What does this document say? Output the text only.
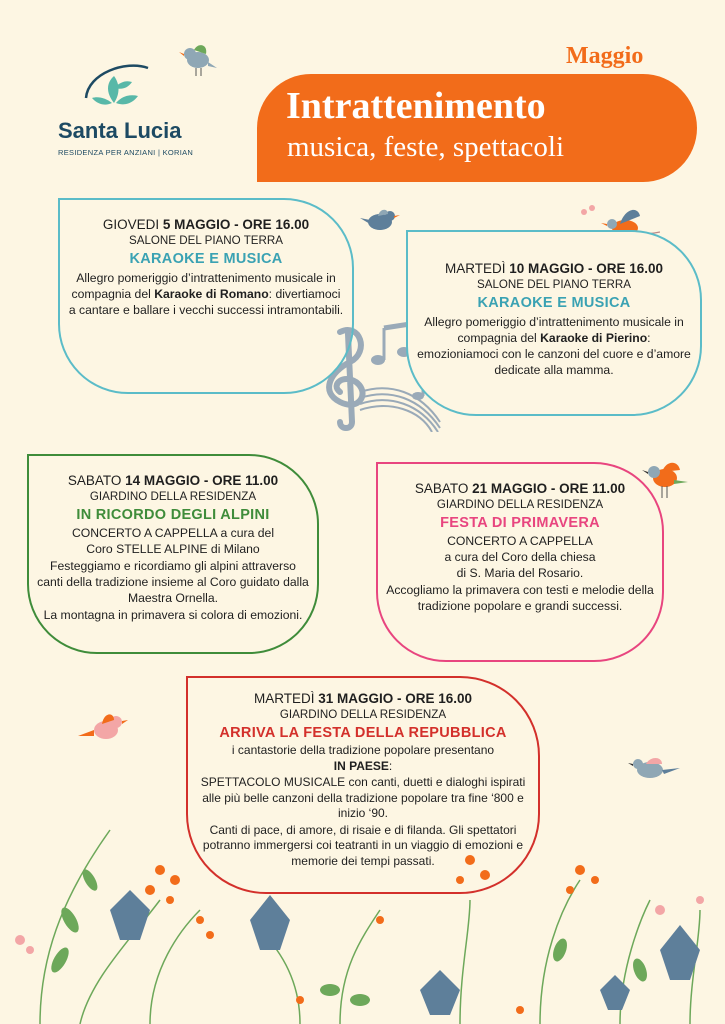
Santa Lucia
RESIDENZA PER ANZIANI | KORIAN
Maggio
Intrattenimento
musica, feste, spettacoli
GIOVEDI 5 MAGGIO - ORE 16.00
SALONE DEL PIANO TERRA
KARAOKE E MUSICA
Allegro pomeriggio d’intrattenimento musicale in compagnia del Karaoke di Romano: divertiamoci a cantare e ballare i vecchi successi intramontabili.
MARTEDÌ 10 MAGGIO - ORE 16.00
SALONE DEL PIANO TERRA
KARAOKE E MUSICA
Allegro pomeriggio d’intrattenimento musicale in compagnia del Karaoke di Pierino: emozioniamoci con le canzoni del cuore e d’amore dedicate alla mamma.
SABATO 14 MAGGIO - ORE 11.00
GIARDINO DELLA RESIDENZA
IN RICORDO DEGLI ALPINI
CONCERTO A CAPPELLA a cura del
Coro STELLE ALPINE di Milano
Festeggiamo e ricordiamo gli alpini attraverso canti della tradizione insieme al Coro guidato dalla Maestra Ornella.
La montagna in primavera si colora di emozioni.
SABATO 21 MAGGIO - ORE 11.00
GIARDINO DELLA RESIDENZA
FESTA DI PRIMAVERA
CONCERTO A CAPPELLA
a cura del Coro della chiesa
di S. Maria del Rosario.
Accogliamo la primavera con testi e melodie della tradizione popolare e grandi successi.
MARTEDÌ 31 MAGGIO - ORE 16.00
GIARDINO DELLA RESIDENZA
ARRIVA LA FESTA DELLA REPUBBLICA
i cantastorie della tradizione popolare presentano
IN PAESE:
SPETTACOLO MUSICALE con canti, duetti e dialoghi ispirati alle più belle canzoni della tradizione popolare tra fine ‘800 e inizio ‘90.
Canti di pace, di amore, di risaie e di filanda. Gli spettatori potranno immergersi coi teatranti in un viaggio di emozioni e memorie dei tempi passati.
